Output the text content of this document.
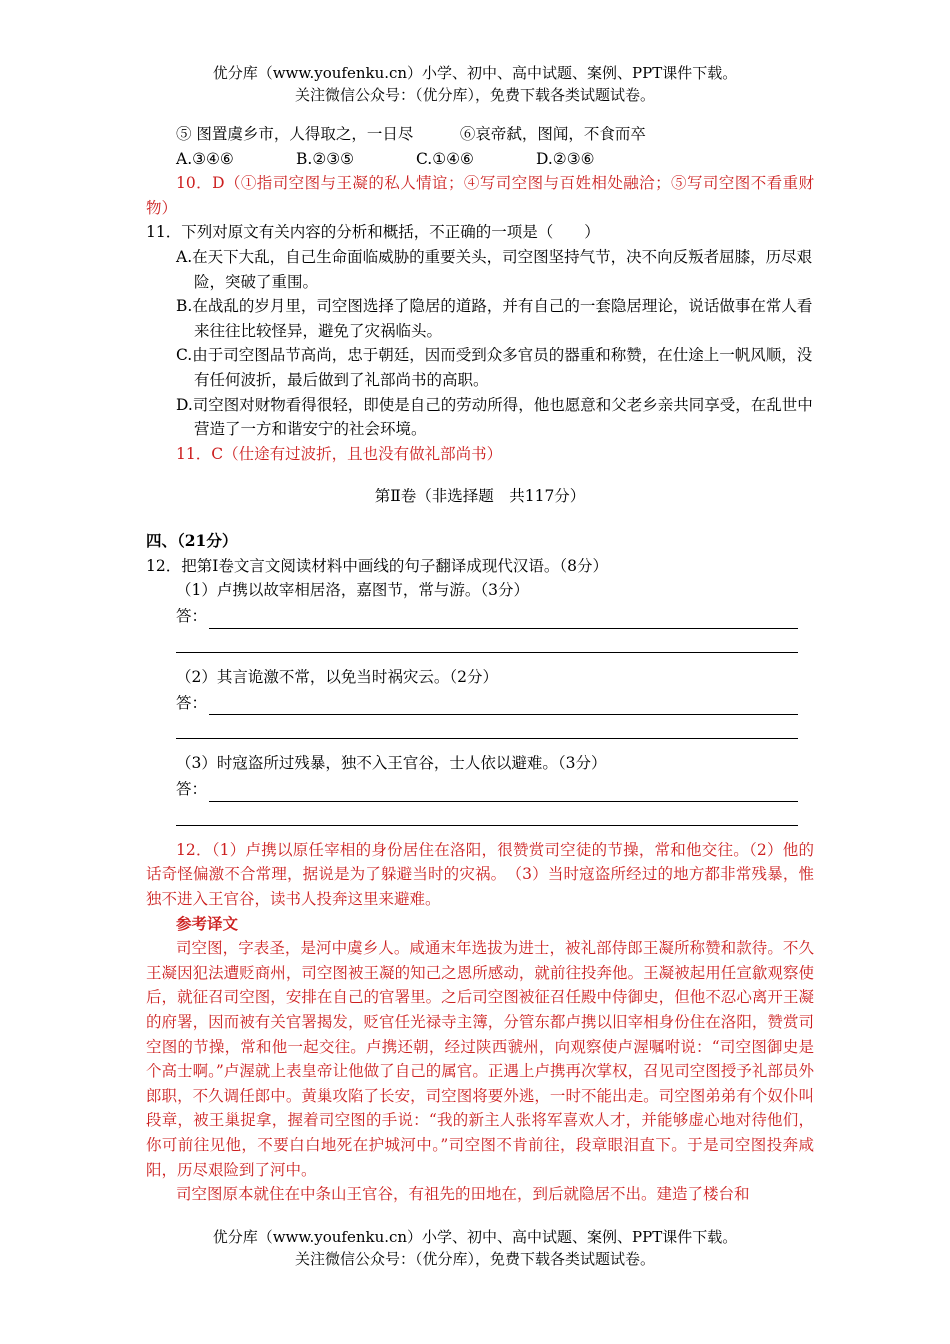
优分库（www.youfenku.cn）小学、初中、高中试题、案例、PPT课件下载。
关注微信公众号：（优分库），免费下载各类试题试卷。

⑤ 图置虞乡市，人得取之，一日尽　　　⑥哀帝弑，图闻，不食而卒

A.③④⑥	B.②③⑤	C.①④⑥	D.②③⑥

10．D（①指司空图与王凝的私人情谊；④写司空图与百姓相处融洽；⑤写司空图不看重财物）

11．下列对原文有关内容的分析和概括，不正确的一项是（　　）

A.在天下大乱，自己生命面临威胁的重要关头，司空图坚持气节，决不向反叛者屈膝，历尽艰险，突破了重围。

B.在战乱的岁月里，司空图选择了隐居的道路，并有自己的一套隐居理论，说话做事在常人看来往往比较怪异，避免了灾祸临头。

C.由于司空图品节高尚，忠于朝廷，因而受到众多官员的器重和称赞，在仕途上一帆风顺，没有任何波折，最后做到了礼部尚书的高职。

D.司空图对财物看得很轻，即使是自己的劳动所得，他也愿意和父老乡亲共同享受，在乱世中营造了一方和谐安宁的社会环境。

11．C（仕途有过波折，且也没有做礼部尚书）

第Ⅱ卷（非选择题　共117分）

四、（21分）

12．把第Ⅰ卷文言文阅读材料中画线的句子翻译成现代汉语。（8分）

（1）卢携以故宰相居洛，嘉图节，常与游。（3分）

答：

（2）其言诡激不常，以免当时祸灾云。（2分）

答：

（3）时寇盗所过残暴，独不入王官谷，士人依以避难。（3分）

答：

12．（1）卢携以原任宰相的身份居住在洛阳，很赞赏司空徒的节操，常和他交往。（2）他的话奇怪偏激不合常理，据说是为了躲避当时的灾祸。　（3）当时寇盗所经过的地方都非常残暴，惟独不进入王官谷，读书人投奔这里来避难。

参考译文

司空图，字表圣，是河中虞乡人。咸通末年选拔为进士，被礼部侍郎王凝所称赞和款待。不久王凝因犯法遭贬商州，司空图被王凝的知己之恩所感动，就前往投奔他。王凝被起用任宣歙观察使后，就征召司空图，安排在自己的官署里。之后司空图被征召任殿中侍御史，但他不忍心离开王凝的府署，因而被有关官署揭发，贬官任光禄寺主簿，分管东都卢携以旧宰相身份住在洛阳，赞赏司空图的节操，常和他一起交往。卢携还朝，经过陕西虢州，向观察使卢渥嘱咐说：“司空图御史是个高士啊。”卢渥就上表皇帝让他做了自己的属官。正遇上卢携再次掌权，召见司空图授予礼部员外郎职，不久调任郎中。黄巢攻陷了长安，司空图将要外逃，一时不能出走。司空图弟弟有个奴仆叫段章，被王巢捉拿，握着司空图的手说：“我的新主人张将军喜欢人才，并能够虚心地对待他们，你可前往见他，不要白白地死在护城河中。”司空图不肯前往，段章眼泪直下。于是司空图投奔咸阳，历尽艰险到了河中。

司空图原本就住在中条山王官谷，有祖先的田地在，到后就隐居不出。建造了楼台和

优分库（www.youfenku.cn）小学、初中、高中试题、案例、PPT课件下载。
关注微信公众号：（优分库），免费下载各类试题试卷。
